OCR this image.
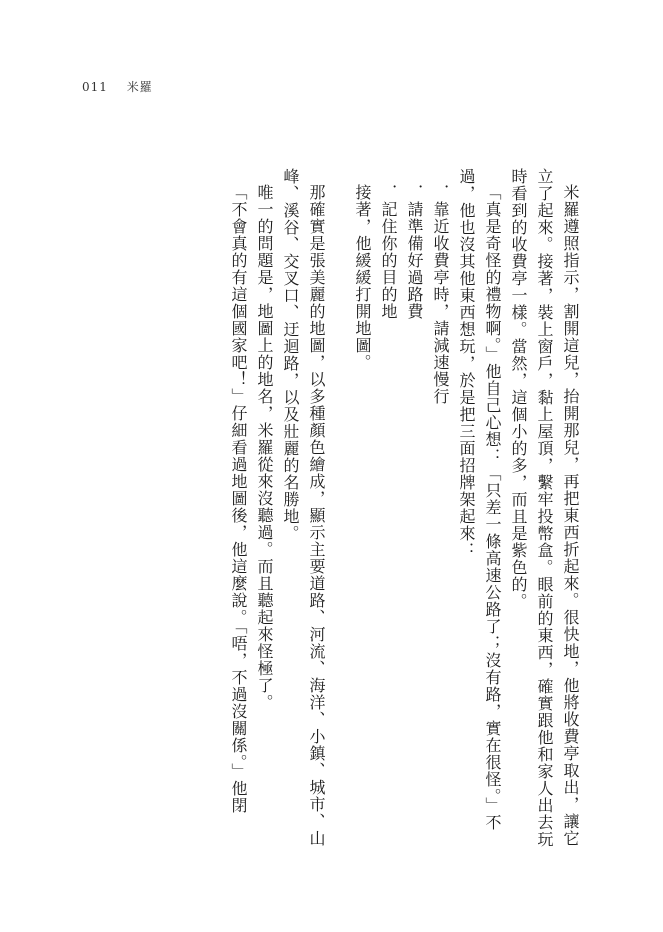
011 米羅

米羅遵照指示，割開這兒，抬開那兒，再把東西折起來。很快地，他將收費亭取出，讓它立了起來。接著，裝上窗戶，黏上屋頂，繫牢投幣盒。眼前的東西，確實跟他和家人出去玩時看到的收費亭一樣。當然，這個小的多，而且是紫色的。

「真是奇怪的禮物啊。」他自己心想：「只差一條高速公路了；沒有路，實在很怪。」不過，他也沒其他東西想玩，於是把三面招牌架起來：

．靠近收費亭時，請減速慢行

．請準備好過路費

．記住你的目的地

接著，他緩緩打開地圖。

那確實是張美麗的地圖，以多種顏色繪成，顯示主要道路、河流、海洋、小鎮、城市、山峰、溪谷、交叉口、迂迴路，以及壯麗的名勝地。

唯一的問題是，地圖上的地名，米羅從來沒聽過。而且聽起來怪極了。

「不會真的有這個國家吧！」仔細看過地圖後，他這麼說。「唔，不過沒關係。」他閉
